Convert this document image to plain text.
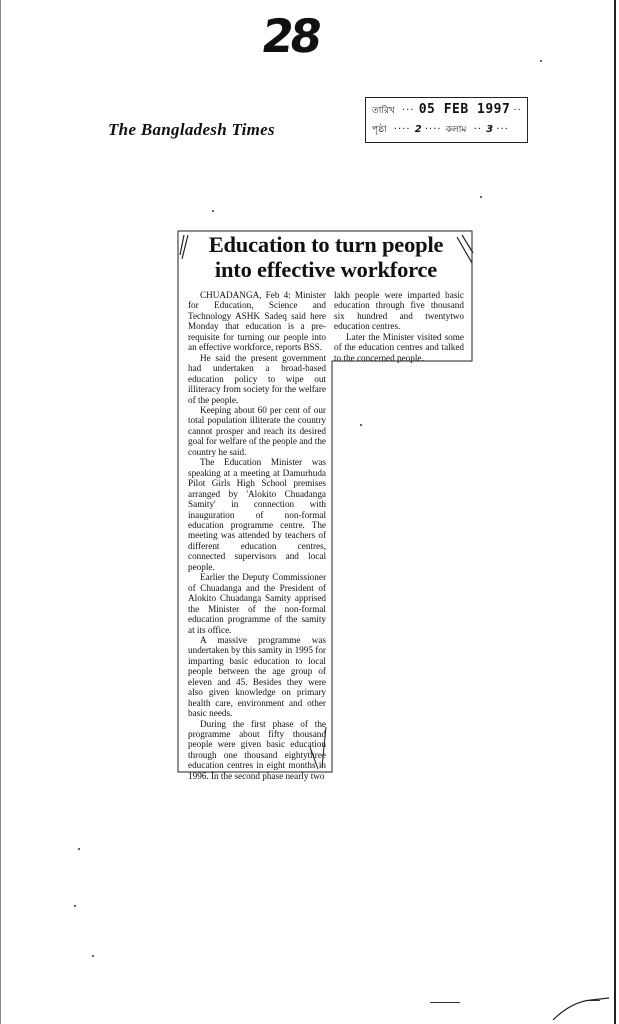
28
The Bangladesh Times
তারিখ ··· 05 FEB 1997 ··
পৃষ্ঠা ···· 2 ···· কলাম ·· 3 ···
Education to turn people
into effective workforce

CHUADANGA, Feb 4: Minister for Education, Science and Technology ASHK Sadeq said here Monday that education is a pre-requisite for turning our people into an effective workforce, reports BSS.

He said the present government had undertaken a broad-based education policy to wipe out illiteracy from society for the welfare of the people.

Keeping about 60 per cent of our total population illiterate the country cannot prosper and reach its desired goal for welfare of the people and the country he said.

The Education Minister was speaking at a meeting at Damurhuda Pilot Girls High School premises arranged by 'Alokito Chuadanga Samity' in connection with inauguration of non-formal education programme centre. The meeting was attended by teachers of different education centres, connected supervisors and local people.

Earlier the Deputy Commissioner of Chuadanga and the President of Alokito Chuadanga Samity apprised the Minister of the non-formal education programme of the samity at its office.

A massive programme was undertaken by this samity in 1995 for imparting basic education to local people between the age group of eleven and 45. Besides they were also given knowledge on primary health care, environment and other basic needs.

During the first phase of the programme about fifty thousand people were given basic education through one thousand eightythree education centres in eight months in 1996. In the second phase nearly two

lakh people were imparted basic education through five thousand six hundred and twentytwo education centres.

Later the Minister visited some of the education centres and talked to the concerned people.
